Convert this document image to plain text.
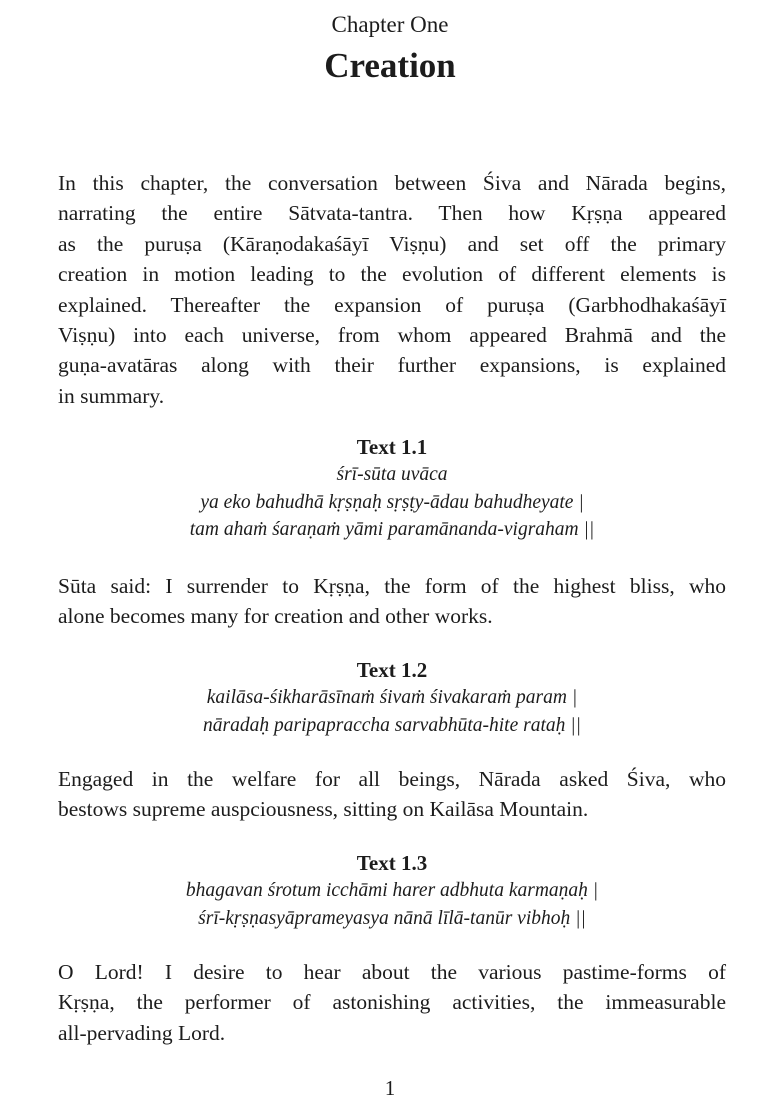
Chapter One
Creation

In this chapter, the conversation between Śiva and Nārada begins,
narrating the entire Sātvata-tantra. Then how Kṛṣṇa appeared
as the puruṣa (Kāraṇodakaśāyī Viṣṇu) and set off the primary
creation in motion leading to the evolution of different elements is
explained. Thereafter the expansion of puruṣa (Garbhodhakaśāyī
Viṣṇu) into each universe, from whom appeared Brahmā and the
guṇa-avatāras along with their further expansions, is explained
in summary.

Text 1.1
śrī-sūta uvāca
ya eko bahudhā kṛṣṇaḥ sṛṣṭy-ādau bahudheyate |
tam ahaṁ śaraṇaṁ yāmi paramānanda-vigraham ||

Sūta said: I surrender to Kṛṣṇa, the form of the highest bliss, who
alone becomes many for creation and other works.

Text 1.2
kailāsa-śikharāsīnaṁ śivaṁ śivakaraṁ param |
nāradaḥ paripapraccha sarvabhūta-hite rataḥ ||

Engaged in the welfare for all beings, Nārada asked Śiva, who
bestows supreme auspciousness, sitting on Kailāsa Mountain.

Text 1.3
bhagavan śrotum icchāmi harer adbhuta karmaṇaḥ |
śrī-kṛṣṇasyāprameyasya nānā līlā-tanūr vibhoḥ ||

O Lord! I desire to hear about the various pastime-forms of
Kṛṣṇa, the performer of astonishing activities, the immeasurable
all-pervading Lord.

1
